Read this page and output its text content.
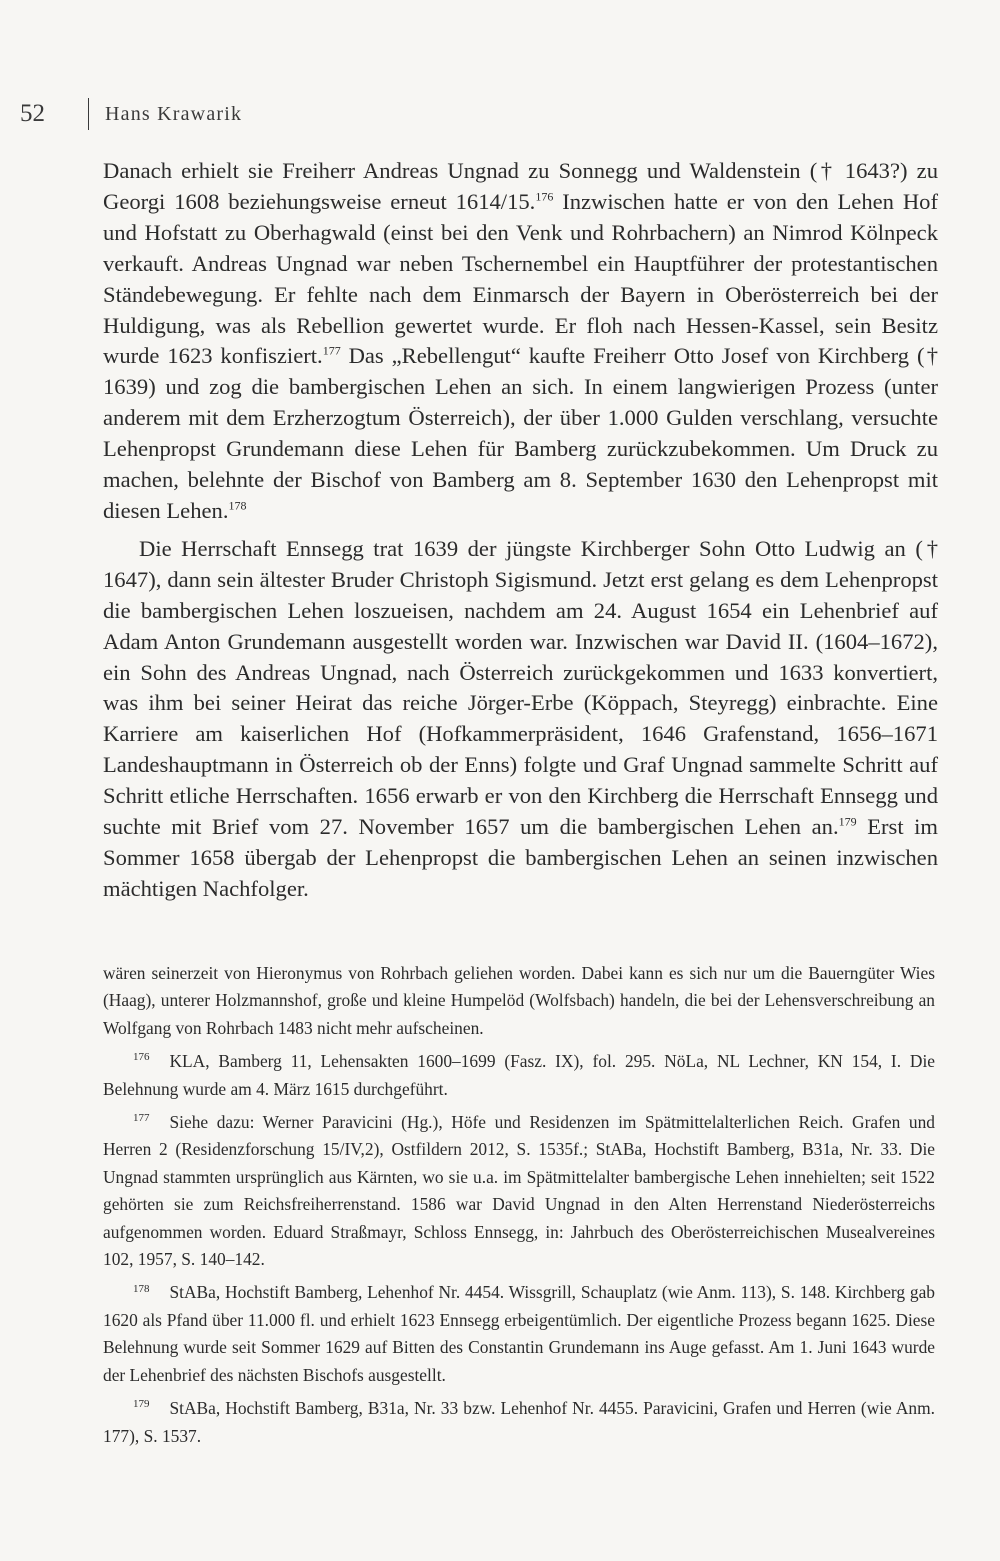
52	Hans Krawarik

Danach erhielt sie Freiherr Andreas Ungnad zu Sonnegg und Waldenstein († 1643?) zu Georgi 1608 beziehungsweise erneut 1614/15.$^{176}$ Inzwischen hatte er von den Lehen Hof und Hofstatt zu Oberhagwald (einst bei den Venk und Rohrbachern) an Nimrod Kölnpeck verkauft. Andreas Ungnad war neben Tschernembel ein Hauptführer der protestantischen Ständebewegung. Er fehlte nach dem Einmarsch der Bayern in Oberösterreich bei der Huldigung, was als Rebellion gewertet wurde. Er floh nach Hessen-Kassel, sein Besitz wurde 1623 konfisziert.$^{177}$ Das „Rebellengut“ kaufte Freiherr Otto Josef von Kirchberg († 1639) und zog die bambergischen Lehen an sich. In einem langwierigen Prozess (unter anderem mit dem Erzherzogtum Österreich), der über 1.000 Gulden verschlang, versuchte Lehenpropst Grundemann diese Lehen für Bamberg zurückzubekommen. Um Druck zu machen, belehnte der Bischof von Bamberg am 8. September 1630 den Lehenpropst mit diesen Lehen.$^{178}$

Die Herrschaft Ennsegg trat 1639 der jüngste Kirchberger Sohn Otto Ludwig an († 1647), dann sein ältester Bruder Christoph Sigismund. Jetzt erst gelang es dem Lehenpropst die bambergischen Lehen loszueisen, nachdem am 24. August 1654 ein Lehenbrief auf Adam Anton Grundemann ausgestellt worden war. Inzwischen war David II. (1604–1672), ein Sohn des Andreas Ungnad, nach Österreich zurückgekommen und 1633 konvertiert, was ihm bei seiner Heirat das reiche Jörger-Erbe (Köppach, Steyregg) einbrachte. Eine Karriere am kaiserlichen Hof (Hofkammerpräsident, 1646 Grafenstand, 1656–1671 Landeshauptmann in Österreich ob der Enns) folgte und Graf Ungnad sammelte Schritt auf Schritt etliche Herrschaften. 1656 erwarb er von den Kirchberg die Herrschaft Ennsegg und suchte mit Brief vom 27. November 1657 um die bambergischen Lehen an.$^{179}$ Erst im Sommer 1658 übergab der Lehenpropst die bambergischen Lehen an seinen inzwischen mächtigen Nachfolger.

wären seinerzeit von Hieronymus von Rohrbach geliehen worden. Dabei kann es sich nur um die Bauerngüter Wies (Haag), unterer Holzmannshof, große und kleine Humpelöd (Wolfsbach) handeln, die bei der Lehensverschreibung an Wolfgang von Rohrbach 1483 nicht mehr aufscheinen.

$^{176}$ KLA, Bamberg 11, Lehensakten 1600–1699 (Fasz. IX), fol. 295. NöLa, NL Lechner, KN 154, I. Die Belehnung wurde am 4. März 1615 durchgeführt.

$^{177}$ Siehe dazu: Werner Paravicini (Hg.), Höfe und Residenzen im Spätmittelalterlichen Reich. Grafen und Herren 2 (Residenzforschung 15/IV,2), Ostfildern 2012, S. 1535f.; StABa, Hochstift Bamberg, B31a, Nr. 33. Die Ungnad stammten ursprünglich aus Kärnten, wo sie u.a. im Spätmittelalter bambergische Lehen innehielten; seit 1522 gehörten sie zum Reichsfreiherrenstand. 1586 war David Ungnad in den Alten Herrenstand Niederösterreichs aufgenommen worden. Eduard Straßmayr, Schloss Ennsegg, in: Jahrbuch des Oberösterreichischen Musealvereines 102, 1957, S. 140–142.

$^{178}$ StABa, Hochstift Bamberg, Lehenhof Nr. 4454. Wissgrill, Schauplatz (wie Anm. 113), S. 148. Kirchberg gab 1620 als Pfand über 11.000 fl. und erhielt 1623 Ennsegg erbeigentümlich. Der eigentliche Prozess begann 1625. Diese Belehnung wurde seit Sommer 1629 auf Bitten des Constantin Grundemann ins Auge gefasst. Am 1. Juni 1643 wurde der Lehenbrief des nächsten Bischofs ausgestellt.

$^{179}$ StABa, Hochstift Bamberg, B31a, Nr. 33 bzw. Lehenhof Nr. 4455. Paravicini, Grafen und Herren (wie Anm. 177), S. 1537.
